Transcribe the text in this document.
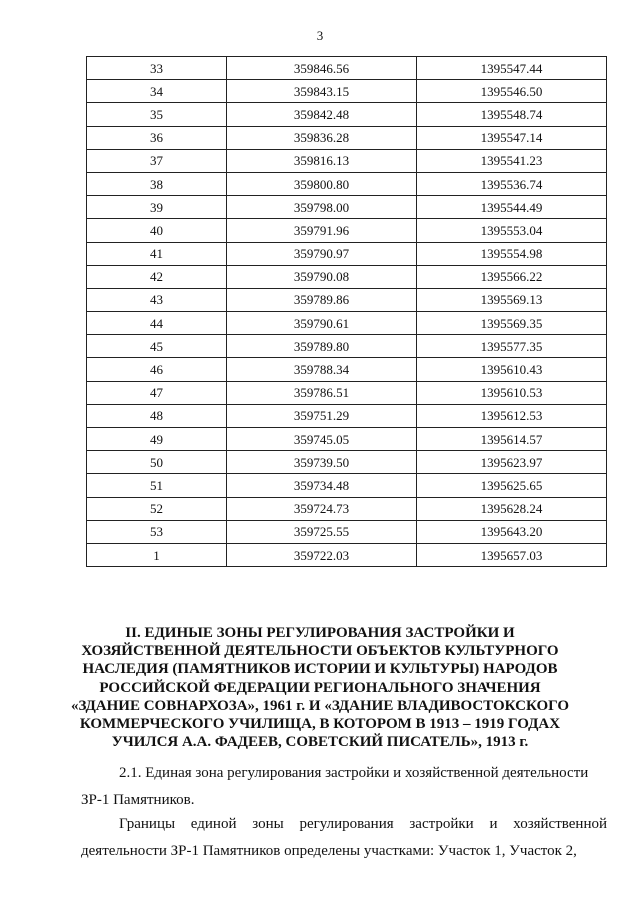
3
33	359846.56	1395547.44
34	359843.15	1395546.50
35	359842.48	1395548.74
36	359836.28	1395547.14
37	359816.13	1395541.23
38	359800.80	1395536.74
39	359798.00	1395544.49
40	359791.96	1395553.04
41	359790.97	1395554.98
42	359790.08	1395566.22
43	359789.86	1395569.13
44	359790.61	1395569.35
45	359789.80	1395577.35
46	359788.34	1395610.43
47	359786.51	1395610.53
48	359751.29	1395612.53
49	359745.05	1395614.57
50	359739.50	1395623.97
51	359734.48	1395625.65
52	359724.73	1395628.24
53	359725.55	1395643.20
1	359722.03	1395657.03
II. ЕДИНЫЕ ЗОНЫ РЕГУЛИРОВАНИЯ ЗАСТРОЙКИ И ХОЗЯЙСТВЕННОЙ ДЕЯТЕЛЬНОСТИ ОБЪЕКТОВ КУЛЬТУРНОГО НАСЛЕДИЯ (ПАМЯТНИКОВ ИСТОРИИ И КУЛЬТУРЫ) НАРОДОВ РОССИЙСКОЙ ФЕДЕРАЦИИ РЕГИОНАЛЬНОГО ЗНАЧЕНИЯ «ЗДАНИЕ СОВНАРХОЗА», 1961 г. И «ЗДАНИЕ ВЛАДИВОСТОКСКОГО КОММЕРЧЕСКОГО УЧИЛИЩА, В КОТОРОМ В 1913 – 1919 ГОДАХ УЧИЛСЯ А.А. ФАДЕЕВ, СОВЕТСКИЙ ПИСАТЕЛЬ», 1913 г.

2.1. Единая зона регулирования застройки и хозяйственной деятельности ЗР-1 Памятников.

Границы единой зоны регулирования застройки и хозяйственной деятельности ЗР-1 Памятников определены участками: Участок 1, Участок 2,
